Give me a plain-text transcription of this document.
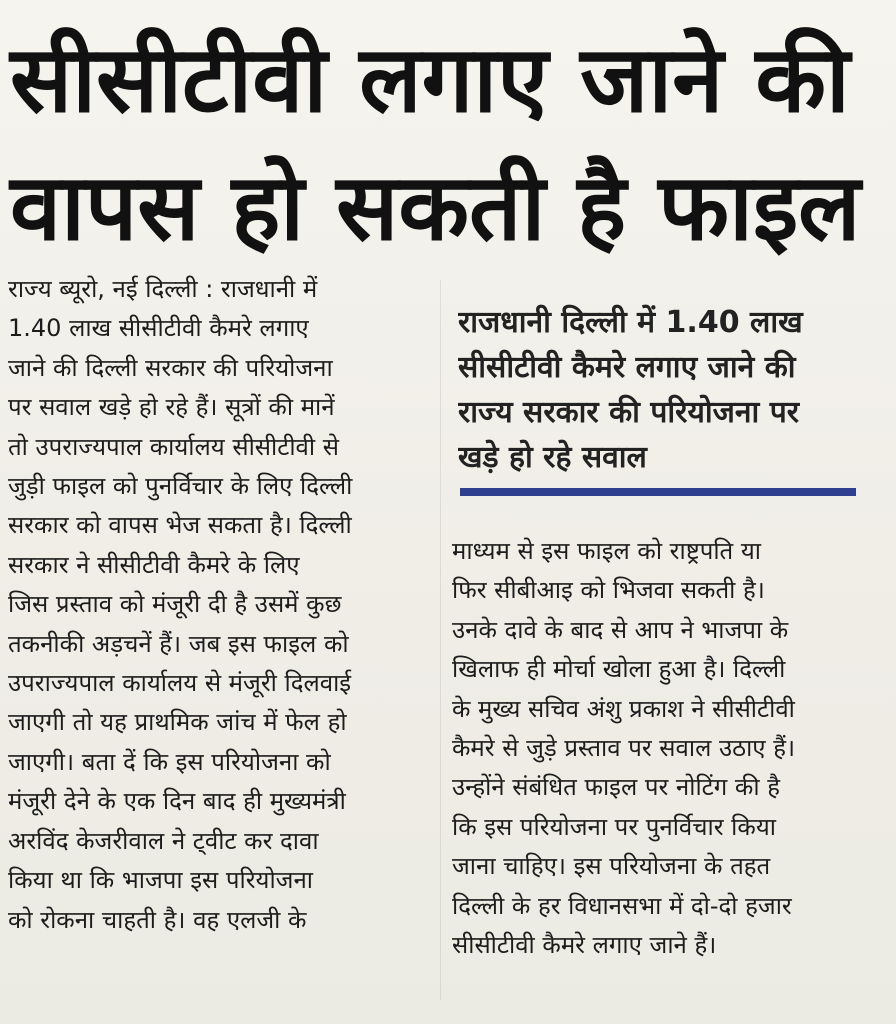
सीसीटीवी लगाए जाने की
वापस हो सकती है फाइल
राज्य ब्यूरो, नई दिल्ली : राजधानी में
1.40 लाख सीसीटीवी कैमरे लगाए
जाने की दिल्ली सरकार की परियोजना
पर सवाल खड़े हो रहे हैं। सूत्रों की मानें
तो उपराज्यपाल कार्यालय सीसीटीवी से
जुड़ी फाइल को पुनर्विचार के लिए दिल्ली
सरकार को वापस भेज सकता है। दिल्ली
सरकार ने सीसीटीवी कैमरे के लिए
जिस प्रस्ताव को मंजूरी दी है उसमें कुछ
तकनीकी अड़चनें हैं। जब इस फाइल को
उपराज्यपाल कार्यालय से मंजूरी दिलवाई
जाएगी तो यह प्राथमिक जांच में फेल हो
जाएगी। बता दें कि इस परियोजना को
मंजूरी देने के एक दिन बाद ही मुख्यमंत्री
अरविंद केजरीवाल ने ट्वीट कर दावा
किया था कि भाजपा इस परियोजना
को रोकना चाहती है। वह एलजी के
राजधानी दिल्ली में 1.40 लाख
सीसीटीवी कैमरे लगाए जाने की
राज्य सरकार की परियोजना पर
खड़े हो रहे सवाल
माध्यम से इस फाइल को राष्ट्रपति या
फिर सीबीआइ को भिजवा सकती है।
उनके दावे के बाद से आप ने भाजपा के
खिलाफ ही मोर्चा खोला हुआ है। दिल्ली
के मुख्य सचिव अंशु प्रकाश ने सीसीटीवी
कैमरे से जुड़े प्रस्ताव पर सवाल उठाए हैं।
उन्होंने संबंधित फाइल पर नोटिंग की है
कि इस परियोजना पर पुनर्विचार किया
जाना चाहिए। इस परियोजना के तहत
दिल्ली के हर विधानसभा में दो-दो हजार
सीसीटीवी कैमरे लगाए जाने हैं।
